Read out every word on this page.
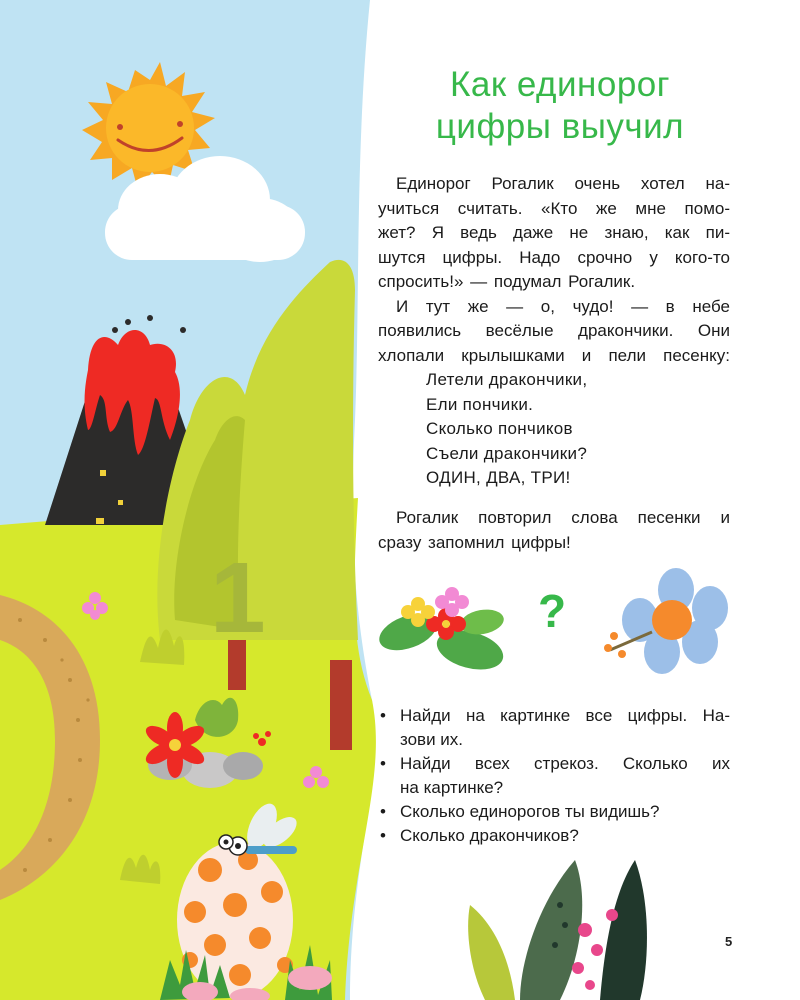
1
Как единорог
цифры выучил
Единорог Рогалик очень хотел на-
учиться считать. «Кто же мне помо-
жет? Я ведь даже не знаю, как пи-
шутся цифры. Надо срочно у кого-то
спросить!» — подумал Рогалик.
И тут же — о, чудо! — в небе
появились весёлые дракончики. Они
хлопали крылышками и пели песенку:
Летели дракончики,
Ели пончики.
Сколько пончиков
Съели дракончики?
ОДИН, ДВА, ТРИ!
Рогалик повторил слова песенки и
сразу запомнил цифры!
?
• Найди на картинке все цифры. На-
зови их.
• Найди всех стрекоз. Сколько их
на картинке?
• Сколько единорогов ты видишь?
• Сколько дракончиков?
5
